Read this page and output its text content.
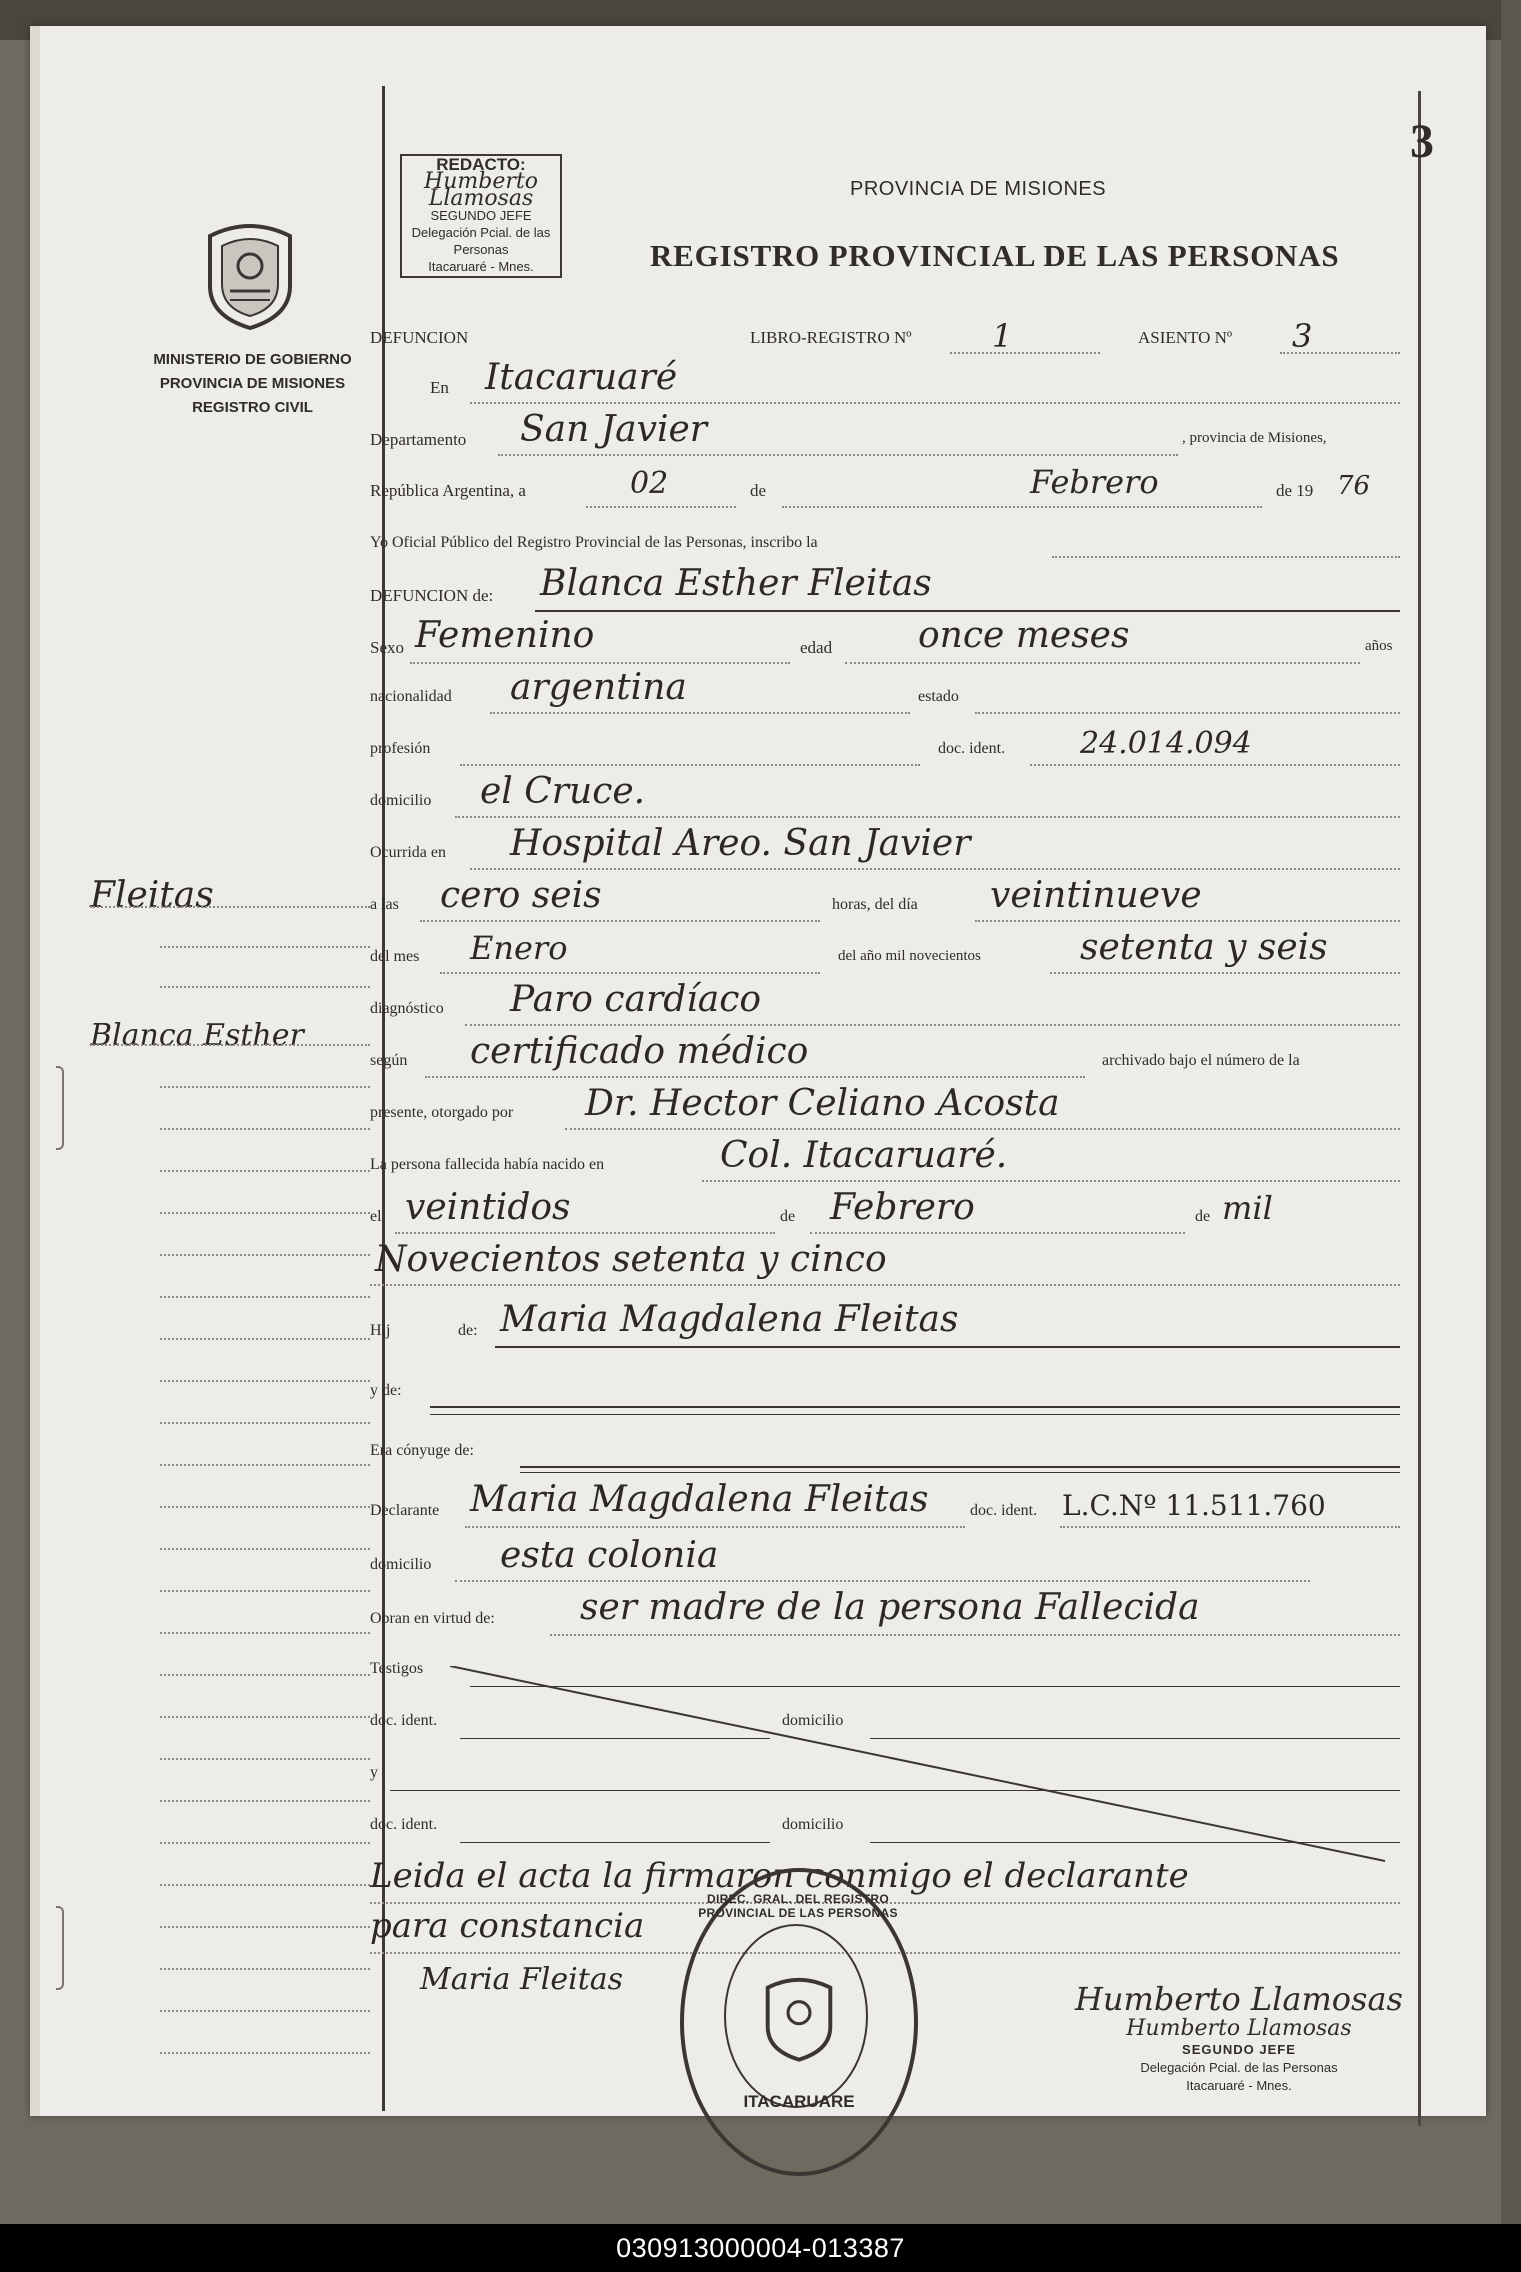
3
REDACTO:
Humberto Llamosas
SEGUNDO JEFE
Delegación Pcial. de las Personas
Itacaruaré - Mnes.
MINISTERIO DE GOBIERNO
PROVINCIA DE MISIONES
REGISTRO CIVIL
PROVINCIA DE MISIONES
REGISTRO PROVINCIAL DE LAS PERSONAS
DEFUNCION	LIBRO-REGISTRO Nº	1	ASIENTO Nº 3
En Itacaruaré
Departamento San Javier	, provincia de Misiones,
República Argentina, a	02	de	Febrero	de 19 76
Yo Oficial Público del Registro Provincial de las Personas, inscribo la
DEFUNCION de: Blanca Esther Fleitas
Sexo Femenino	edad once meses	años
nacionalidad argentina	estado
profesión	doc. ident. 24.014.094
domicilio el Cruce.
Ocurrida en Hospital Areo. San Javier
a las cero seis	horas, del día veintinueve
del mes Enero	del año mil novecientos	setenta y seis
diagnóstico Paro cardíaco
según certificado médico	archivado bajo el número de la
presente, otorgado por Dr. Hector Celiano Acosta
La persona fallecida había nacido en	Col. Itacaruaré.
el veintidos	de Febrero	de mil
Novecientos setenta y cinco
Hij	de: Maria Magdalena Fleitas
y de:
Era cónyuge de:
Declarante Maria Magdalena Fleitas	doc. ident. L.C.Nº 11.511.760
domicilio esta colonia
Obran en virtud de: ser madre de la persona Fallecida
Testigos
doc. ident.	domicilio
y
doc. ident.	domicilio
Leida el acta la firmaron conmigo el declarante
para constancia
Maria Fleitas
DIREC. GRAL. DEL REGISTRO PROVINCIAL DE LAS PERSONAS
ITACARUARE
Humberto Llamosas
Humberto Llamosas
SEGUNDO JEFE
Delegación Pcial. de las Personas
Itacaruaré - Mnes.
Fleitas
Blanca Esther
030913000004-013387
